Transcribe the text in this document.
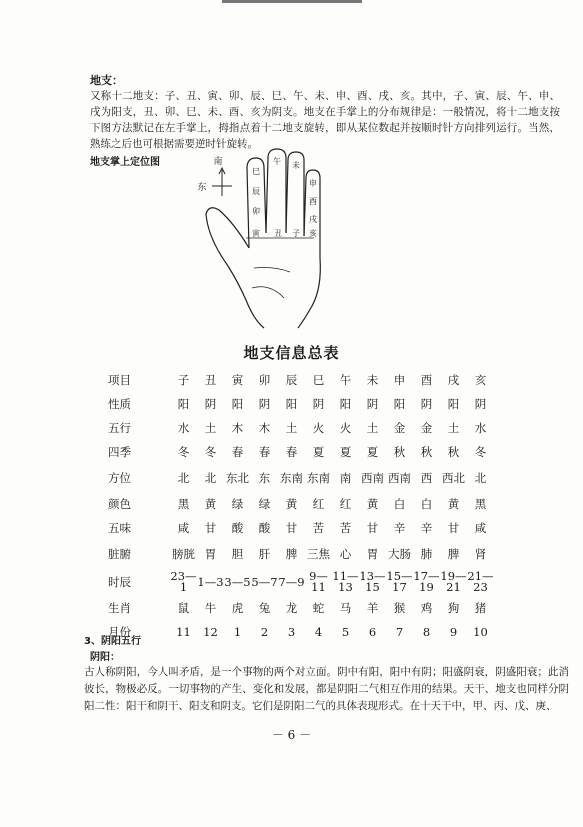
地支：
又称十二地支：子、丑、寅、卯、辰、巳、午、未、申、酉、戌、亥。其中，子、寅、辰、午、申、戌为阳支，丑、卯、巳、未、酉、亥为阴支。地支在手掌上的分布规律是：一般情况，将十二地支按下图方法默记在左手掌上，拇指点着十二地支旋转，即从某位数起并按顺时针方向排列运行。当然，熟练之后也可根据需要逆时针旋转。
地支掌上定位图	南
东
巳
辰
卯
寅
午 未
申
酉
戌
亥
丑 子
地支信息总表
项目	子	丑	寅	卯	辰	巳	午	未	申	酉	戌	亥
性质	阳	阴	阳	阴	阳	阴	阳	阴	阳	阴	阳	阴
五行	水	土	木	木	土	火	火	土	金	金	土	水
四季	冬	冬	春	春	春	夏	夏	夏	秋	秋	秋	冬
方位	北	北	东北	东	东南	东南	南	西南	西南	西	西北	北
颜色	黑	黄	绿	绿	黄	红	红	黄	白	白	黄	黑
五味	咸	甘	酸	酸	甘	苦	苦	甘	辛	辛	甘	咸
脏腑	膀胱	胃	胆	肝	脾	三焦	心	胃	大肠	肺	脾	肾
时辰	23—1	1—3	3—5	5—7	7—9	9—11	11—13	13—15	15—17	17—19	19—21	21—23
生肖	鼠	牛	虎	兔	龙	蛇	马	羊	猴	鸡	狗	猪
月份	11	12	1	2	3	4	5	6	7	8	9	10
3、阴阳五行
阴阳：
古人称阴阳，今人叫矛盾，是一个事物的两个对立面。阴中有阳，阳中有阴；阳盛阴衰，阴盛阳衰；此消彼长，物极必反。一切事物的产生、变化和发展，都是阴阳二气相互作用的结果。天干、地支也同样分阴阳二性：阳干和阴干、阳支和阴支。它们是阴阳二气的具体表现形式。在十天干中，甲、丙、戊、庚、
－ 6 －
